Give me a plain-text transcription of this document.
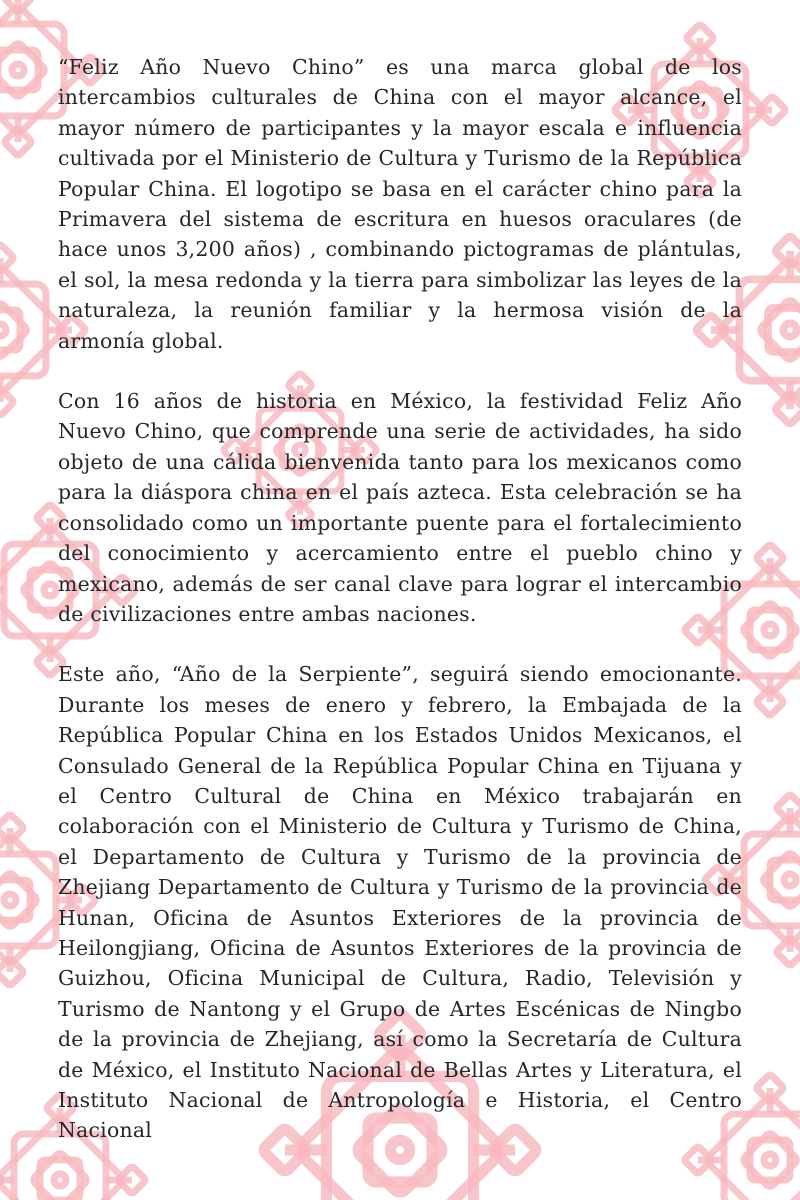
“Feliz Año Nuevo Chino” es una marca global de los intercambios culturales de China con el mayor alcance, el mayor número de participantes y la mayor escala e influencia cultivada por el Ministerio de Cultura y Turismo de la República Popular China. El logotipo se basa en el carácter chino para la Primavera del sistema de escritura en huesos oraculares (de hace unos 3,200 años) , combinando pictogramas de plántulas, el sol, la mesa redonda y la tierra para simbolizar las leyes de la naturaleza, la reunión familiar y la hermosa visión de la armonía global.

Con 16 años de historia en México, la festividad Feliz Año Nuevo Chino, que comprende una serie de actividades, ha sido objeto de una cálida bienvenida tanto para los mexicanos como para la diáspora china en el país azteca. Esta celebración se ha consolidado como un importante puente para el fortalecimiento del conocimiento y acercamiento entre el pueblo chino y mexicano, además de ser canal clave para lograr el intercambio de civilizaciones entre ambas naciones.

Este año, “Año de la Serpiente”, seguirá siendo emocionante. Durante los meses de enero y febrero, la Embajada de la República Popular China en los Estados Unidos Mexicanos, el Consulado General de la República Popular China en Tijuana y el Centro Cultural de China en México trabajarán en colaboración con el Ministerio de Cultura y Turismo de China, el Departamento de Cultura y Turismo de la provincia de Zhejiang Departamento de Cultura y Turismo de la provincia de Hunan, Oficina de Asuntos Exteriores de la provincia de Heilongjiang, Oficina de Asuntos Exteriores de la provincia de Guizhou, Oficina Municipal de Cultura, Radio, Televisión y Turismo de Nantong y el Grupo de Artes Escénicas de Ningbo de la provincia de Zhejiang, así como la Secretaría de Cultura de México, el Instituto Nacional de Bellas Artes y Literatura, el Instituto Nacional de Antropología e Historia, el Centro Nacional
